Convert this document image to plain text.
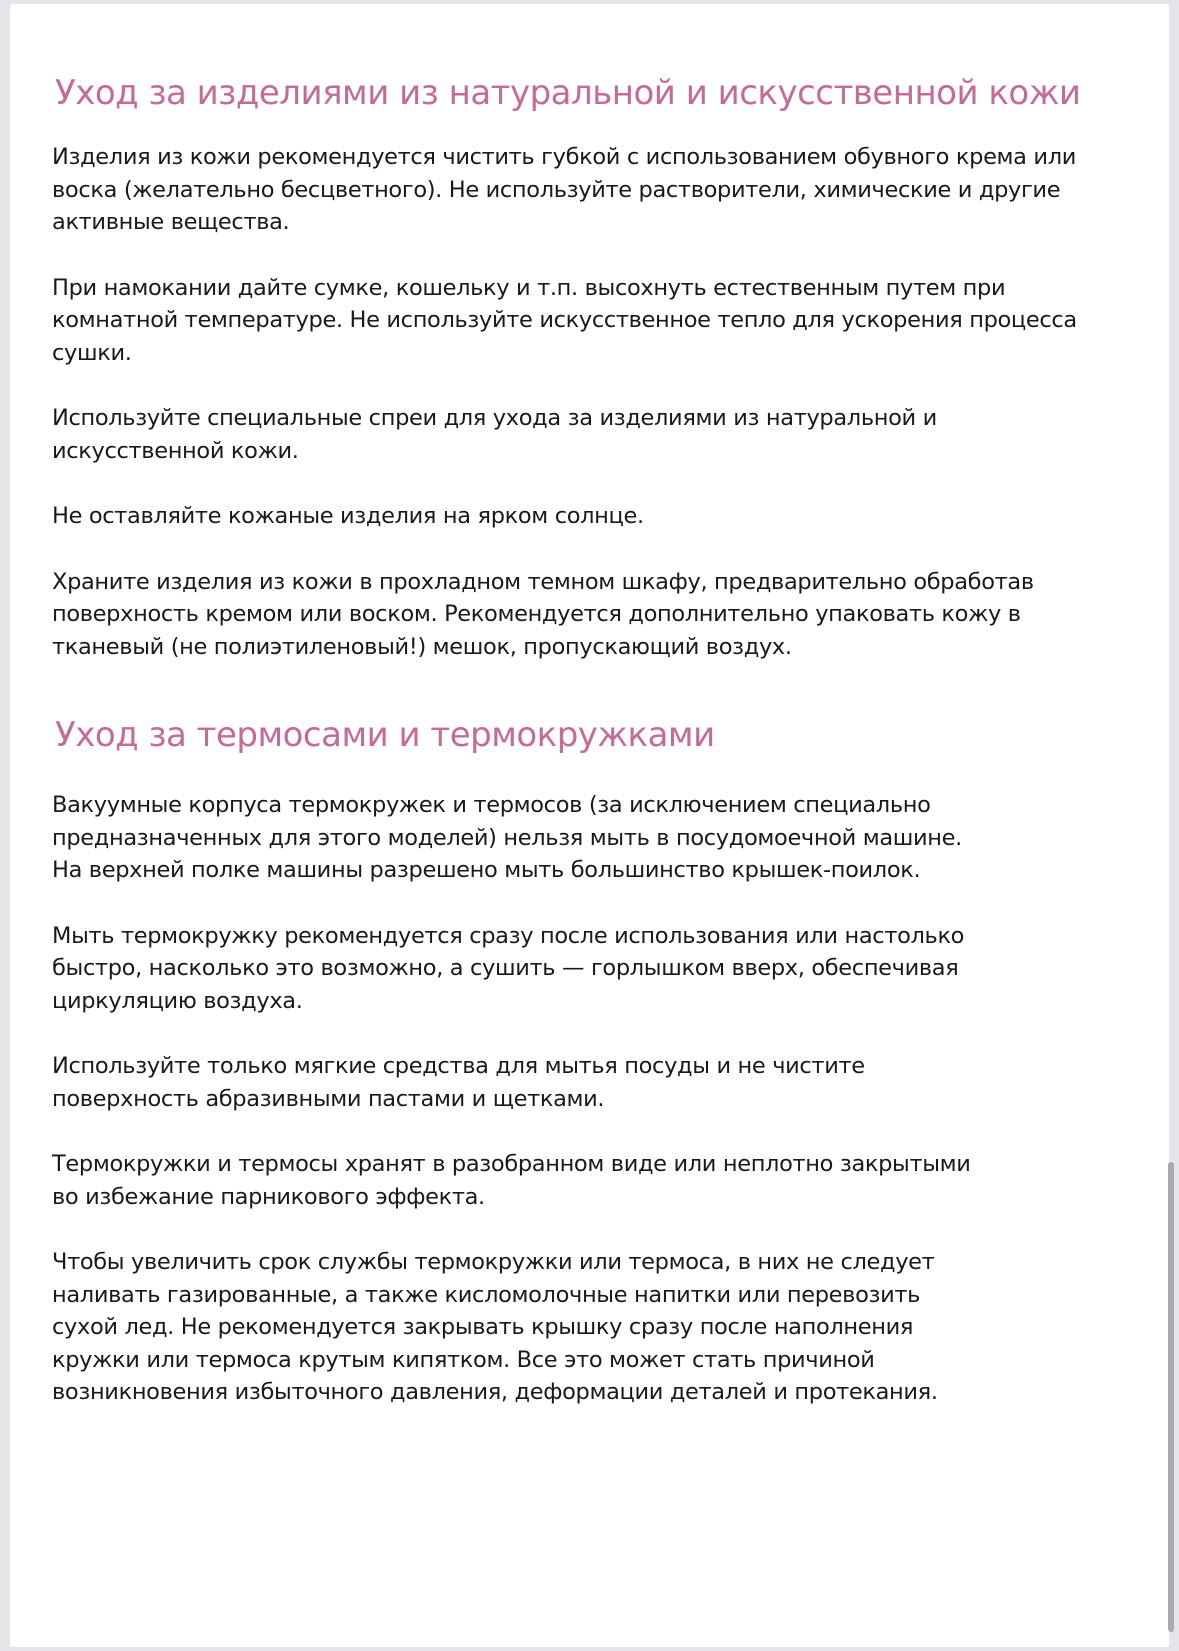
Уход за изделиями из натуральной и искусственной кожи

Изделия из кожи рекомендуется чистить губкой с использованием обувного крема или
воска (желательно бесцветного). Не используйте растворители, химические и другие
активные вещества.

При намокании дайте сумке, кошельку и т.п. высохнуть естественным путем при
комнатной температуре. Не используйте искусственное тепло для ускорения процесса
сушки.

Используйте специальные спреи для ухода за изделиями из натуральной и
искусственной кожи.

Не оставляйте кожаные изделия на ярком солнце.

Храните изделия из кожи в прохладном темном шкафу, предварительно обработав
поверхность кремом или воском. Рекомендуется дополнительно упаковать кожу в
тканевый (не полиэтиленовый!) мешок, пропускающий воздух.

Уход за термосами и термокружками

Вакуумные корпуса термокружек и термосов (за исключением специально
предназначенных для этого моделей) нельзя мыть в посудомоечной машине.
На верхней полке машины разрешено мыть большинство крышек-поилок.

Мыть термокружку рекомендуется сразу после использования или настолько
быстро, насколько это возможно, а сушить — горлышком вверх, обеспечивая
циркуляцию воздуха.

Используйте только мягкие средства для мытья посуды и не чистите
поверхность абразивными пастами и щетками.

Термокружки и термосы хранят в разобранном виде или неплотно закрытыми
во избежание парникового эффекта.

Чтобы увеличить срок службы термокружки или термоса, в них не следует
наливать газированные, а также кисломолочные напитки или перевозить
сухой лед. Не рекомендуется закрывать крышку сразу после наполнения
кружки или термоса крутым кипятком. Все это может стать причиной
возникновения избыточного давления, деформации деталей и протекания.
